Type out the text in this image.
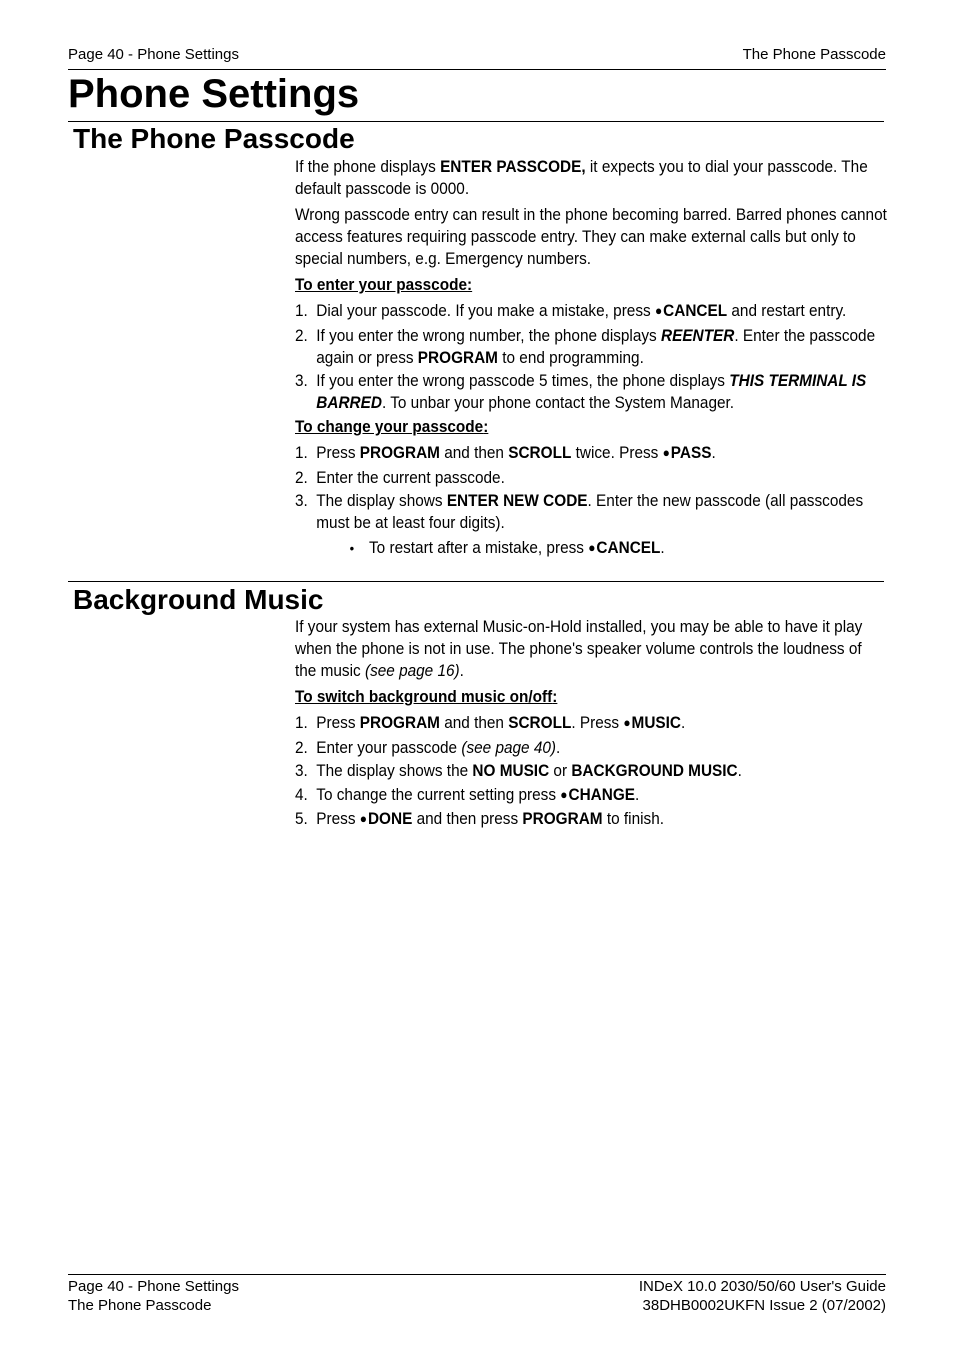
Page 40 - Phone Settings	The Phone Passcode
Phone Settings
The Phone Passcode

If the phone displays ENTER PASSCODE, it expects you to dial your passcode. The default passcode is 0000.

Wrong passcode entry can result in the phone becoming barred. Barred phones cannot access features requiring passcode entry. They can make external calls but only to special numbers, e.g. Emergency numbers.

To enter your passcode:

1. Dial your passcode. If you make a mistake, press ● CANCEL and restart entry.
2. If you enter the wrong number, the phone displays REENTER. Enter the passcode again or press PROGRAM to end programming.
3. If you enter the wrong passcode 5 times, the phone displays THIS TERMINAL IS BARRED. To unbar your phone contact the System Manager.

To change your passcode:

1. Press PROGRAM and then SCROLL twice. Press ● PASS.
2. Enter the current passcode.
3. The display shows ENTER NEW CODE. Enter the new passcode (all passcodes must be at least four digits).
• To restart after a mistake, press ● CANCEL.
Background Music

If your system has external Music-on-Hold installed, you may be able to have it play when the phone is not in use. The phone's speaker volume controls the loudness of the music (see page 16).

To switch background music on/off:

1. Press PROGRAM and then SCROLL. Press ● MUSIC.
2. Enter your passcode (see page 40).
3. The display shows the NO MUSIC or BACKGROUND MUSIC.
4. To change the current setting press ● CHANGE.
5. Press ● DONE and then press PROGRAM to finish.
Page 40 - Phone Settings
The Phone Passcode
INDeX 10.0 2030/50/60 User's Guide
38DHB0002UKFN Issue 2 (07/2002)
